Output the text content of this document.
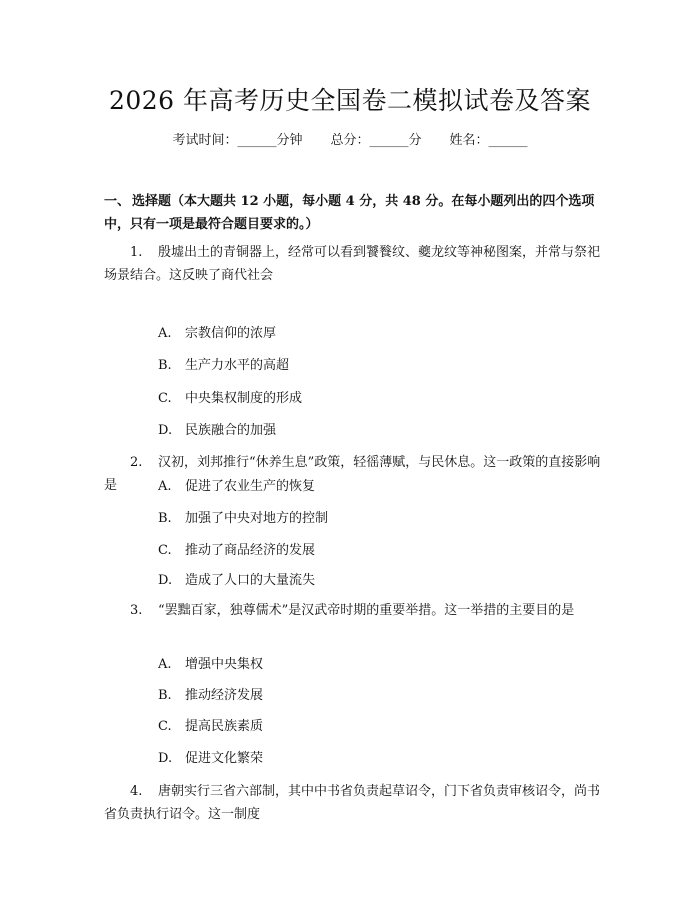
2026 年高考历史全国卷二模拟试卷及答案
考试时间：______分钟 总分：______分 姓名：______
一、 选择题（本大题共 12 小题，每小题 4 分，共 48 分。在每小题列出的四个选项中，只有一项是最符合题目要求的。）
1. 殷墟出土的青铜器上，经常可以看到饕餮纹、夔龙纹等神秘图案，并常与祭祀场景结合。这反映了商代社会
A. 宗教信仰的浓厚
B. 生产力水平的高超
C. 中央集权制度的形成
D. 民族融合的加强
2. 汉初，刘邦推行“休养生息”政策，轻徭薄赋，与民休息。这一政策的直接影响是	A. 促进了农业生产的恢复
B. 加强了中央对地方的控制
C. 推动了商品经济的发展
D. 造成了人口的大量流失
3. “罢黜百家，独尊儒术”是汉武帝时期的重要举措。这一举措的主要目的是
A. 增强中央集权
B. 推动经济发展
C. 提高民族素质
D. 促进文化繁荣
4. 唐朝实行三省六部制，其中中书省负责起草诏令，门下省负责审核诏令，尚书省负责执行诏令。这一制度
